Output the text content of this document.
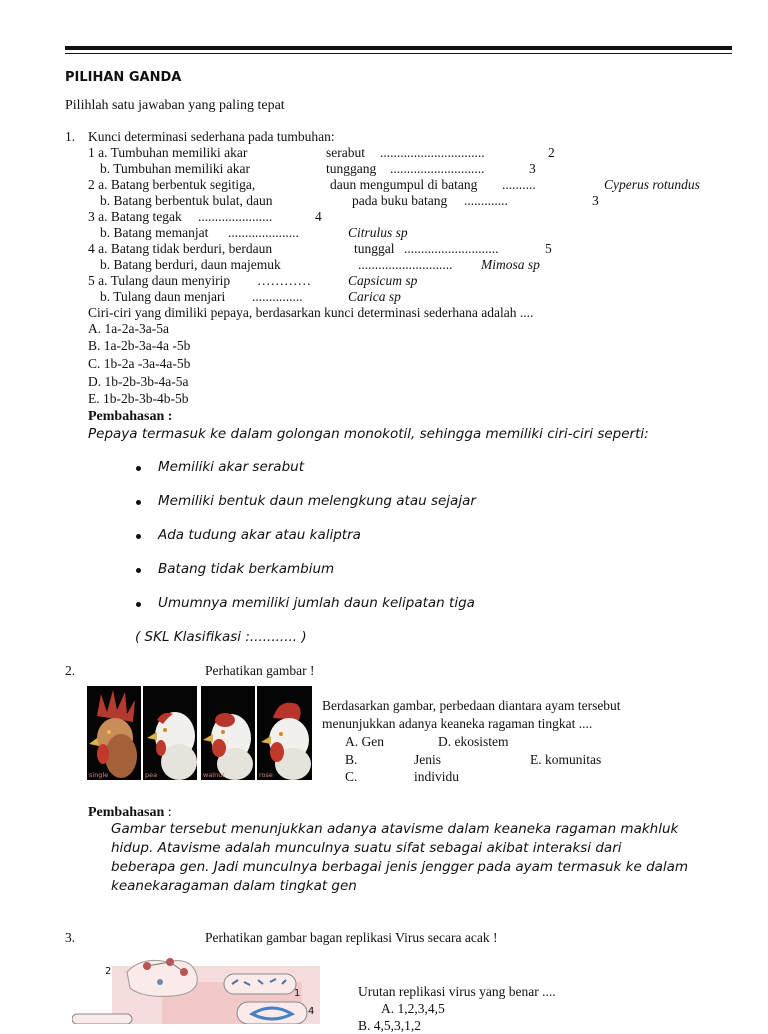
PILIHAN GANDA
Pilihlah satu jawaban yang paling tepat
1. Kunci determinasi sederhana pada tumbuhan:
1 a. Tumbuhan memiliki akar	serabut ...............................	2
b. Tumbuhan memiliki akar	tunggang ............................	3
2 a. Batang berbentuk segitiga,	daun mengumpul di batang ..........	Cyperus rotundus
b. Batang berbentuk bulat, daun	pada buku batang .............	3
3 a. Batang tegak ......................	4
b. Batang memanjat .....................	Citrulus sp
4 a. Batang tidak berduri, berdaun	tunggal ............................	5
b. Batang berduri, daun majemuk	............................ Mimosa sp
5 a. Tulang daun menyirip …………	Capsicum sp
b. Tulang daun menjari ...............	Carica sp
Ciri-ciri yang dimiliki pepaya, berdasarkan kunci determinasi sederhana adalah ....
A. 1a-2a-3a-5a
B. 1a-2b-3a-4a -5b
C. 1b-2a -3a-4a-5b
D. 1b-2b-3b-4a-5a
E. 1b-2b-3b-4b-5b
Pembahasan :
Pepaya termasuk ke dalam golongan monokotil, sehingga memiliki ciri-ciri seperti:
Memiliki akar serabut
Memiliki bentuk daun melengkung atau sejajar
Ada tudung akar atau kaliptra
Batang tidak berkambium
Umumnya memiliki jumlah daun kelipatan tiga
( SKL Klasifikasi :........... )
2.	Perhatikan gambar !
single	pea	walnut	rose
Berdasarkan gambar, perbedaan diantara ayam tersebut
menunjukkan adanya keaneka ragaman tingkat ....
A. Gen	D. ekosistem
B.	Jenis	E. komunitas
C.	individu
Pembahasan :
Gambar tersebut menunjukkan adanya atavisme dalam keaneka ragaman makhluk
hidup. Atavisme adalah munculnya suatu sifat sebagai akibat interaksi dari
beberapa gen. Jadi munculnya berbagai jenis jengger pada ayam termasuk ke dalam
keanekaragaman dalam tingkat gen
3.	Perhatikan gambar bagan replikasi Virus secara acak !
2
1
4
Urutan replikasi virus yang benar ....
A. 1,2,3,4,5
B. 4,5,3,1,2
